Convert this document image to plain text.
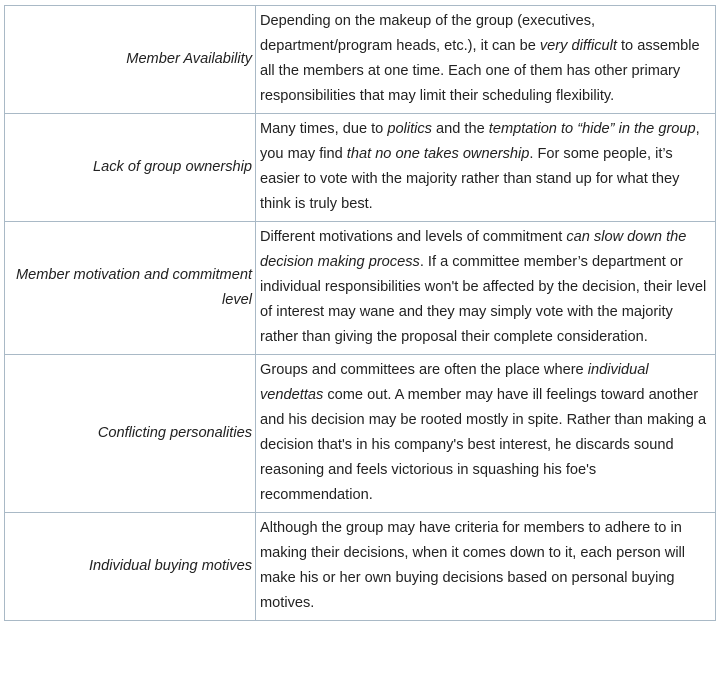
Member Availability	Depending on the makeup of the group (executives, department/program heads, etc.), it can be very difficult to assemble all the members at one time. Each one of them has other primary responsibilities that may limit their scheduling flexibility.
Lack of group ownership	Many times, due to politics and the temptation to “hide” in the group, you may find that no one takes ownership. For some people, it’s easier to vote with the majority rather than stand up for what they think is truly best.
Member motivation and commitment level	Different motivations and levels of commitment can slow down the decision making process. If a committee member’s department or individual responsibilities won't be affected by the decision, their level of interest may wane and they may simply vote with the majority rather than giving the proposal their complete consideration.
Conflicting personalities	Groups and committees are often the place where individual vendettas come out. A member may have ill feelings toward another and his decision may be rooted mostly in spite. Rather than making a decision that's in his company's best interest, he discards sound reasoning and feels victorious in squashing his foe's recommendation.
Individual buying motives	Although the group may have criteria for members to adhere to in making their decisions, when it comes down to it, each person will make his or her own buying decisions based on personal buying motives.
